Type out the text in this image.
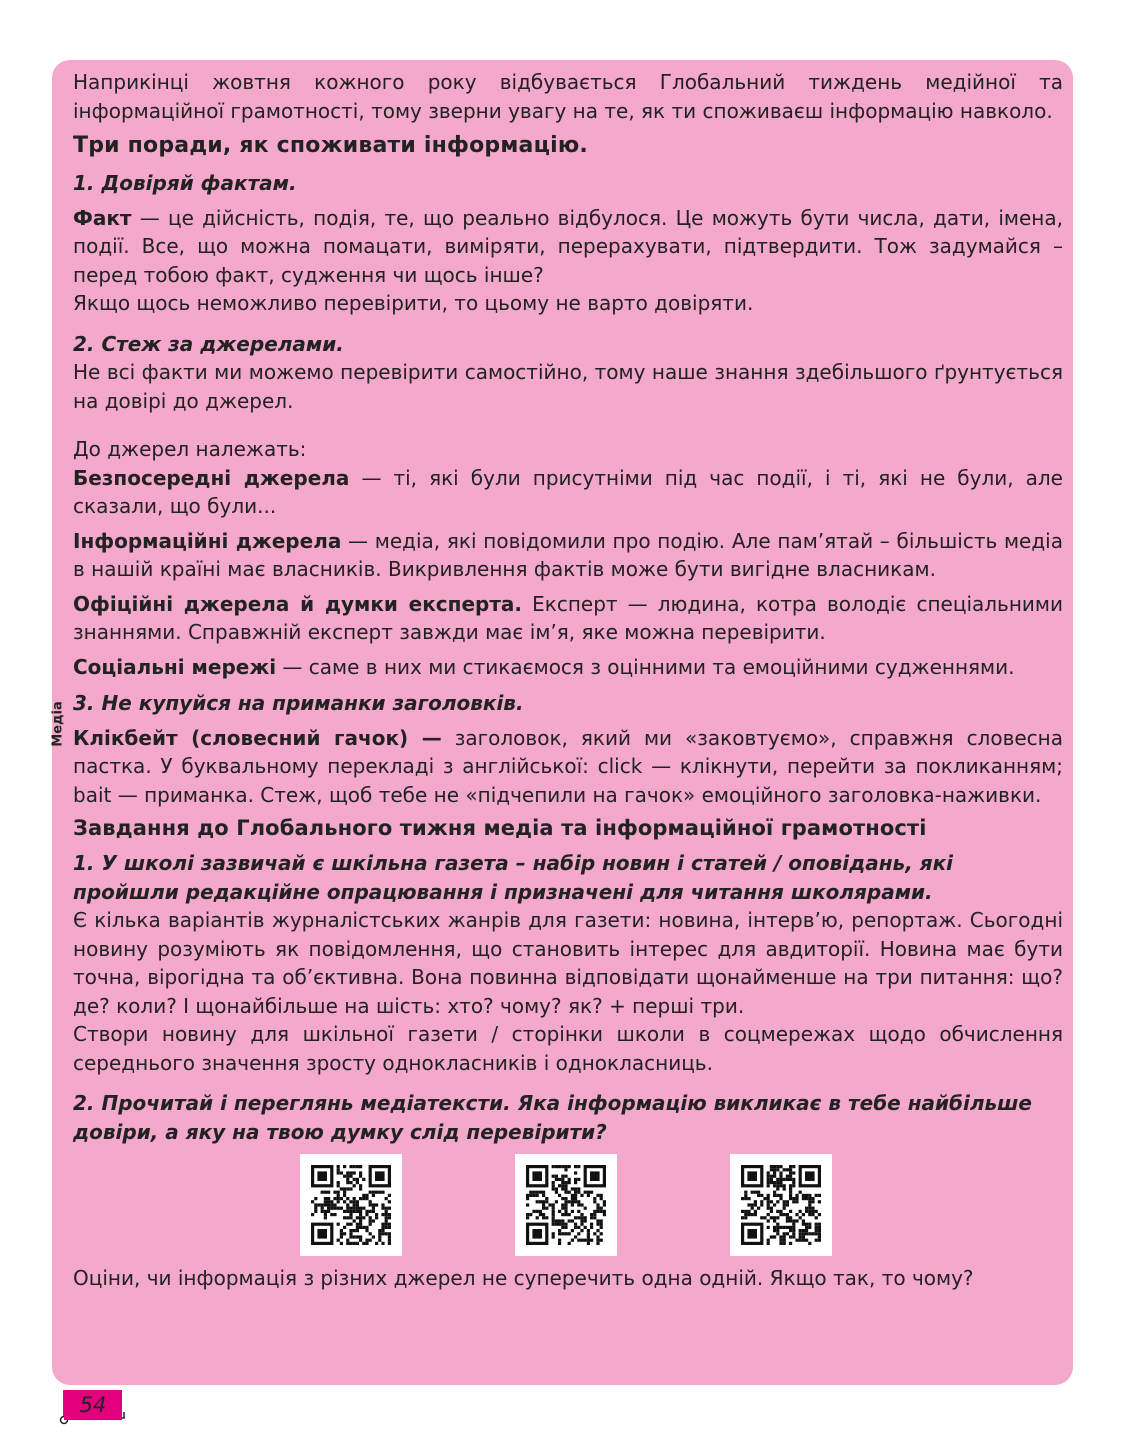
Наприкінці жовтня кожного року відбувається Глобальний тиждень медійної та інформаційної грамотності, тому зверни увагу на те, як ти споживаєш інформацію навколо.

Три поради, як споживати інформацію.
1. Довіряй фактам.

Факт — це дійсність, подія, те, що реально відбулося. Це можуть бути числа, дати, імена, події. Все, що можна помацати, виміряти, перерахувати, підтвердити. Тож задумайся – перед тобою факт, судження чи щось інше?

Якщо щось неможливо перевірити, то цьому не варто довіряти.

2. Стеж за джерелами.

Не всі факти ми можемо перевірити самостійно, тому наше знання здебільшого ґрунтується на довірі до джерел.

До джерел належать:

Безпосередні джерела — ті, які були присутніми під час події, і ті, які не були, але сказали, що були...

Інформаційні джерела — медіа, які повідомили про подію. Але пам’ятай – більшість медіа в нашій країні має власників. Викривлення фактів може бути вигідне власникам.

Офіційні джерела й думки експерта. Експерт — людина, котра володіє спеціальними знаннями. Справжній експерт завжди має ім’я, яке можна перевірити.

Соціальні мережі — саме в них ми стикаємося з оцінними та емоційними судженнями.

3. Не купуйся на приманки заголовків.

Клікбейт (словесний гачок) — заголовок, який ми «заковтуємо», справжня словесна пастка. У буквальному перекладі з англійської: click — клікнути, перейти за покликанням; bait — приманка. Стеж, щоб тебе не «підчепили на гачок» емоційного заголовка-наживки.

Завдання до Глобального тижня медіа та інформаційної грамотності
1. У школі зазвичай є шкільна газета – набір новин і статей / оповідань, які пройшли редакційне опрацювання і призначені для читання школярами.

Є кілька варіантів журналістських жанрів для газети: новина, інтерв’ю, репортаж. Сьогодні новину розуміють як повідомлення, що становить інтерес для авдиторії. Новина має бути точна, вірогідна та об’єктивна. Вона повинна відповідати щонайменше на три питання: що? де? коли? І щонайбільше на шість: хто? чому? як? + перші три.

Створи новину для шкільної газети / сторінки школи в соцмережах щодо обчислення середнього значення зросту однокласників і однокласниць.

2. Прочитай і переглянь медіатексти. Яка інформацію викликає в тебе найбільше довіри, а яку на твою думку слід перевірити?

Оціни, чи інформація з різних джерел не суперечить одна одній. Якщо так, то чому?

Медіа
54
